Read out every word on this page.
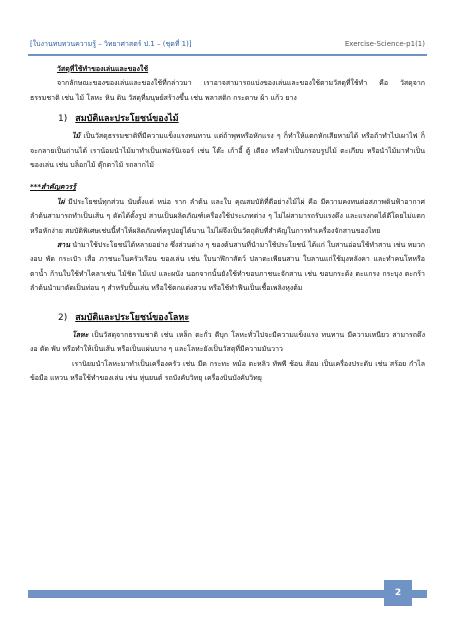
[ใบงานทบทวนความรู้ – วิทยาศาสตร์ ป.1 – (ชุดที่ 1)]	Exercise-Science-p1(1)

วัสดุที่ใช้ทำของเล่นและของใช้

จากลักษณะของของเล่นและของใช้ที่กล่าวมา เราอาจสามารถแบ่งของเล่นและของใช้ตามวัสดุที่ใช้ทำ คือ วัสดุจากธรรมชาติ เช่น ไม้ โลหะ หิน ดิน วัสดุที่มนุษย์สร้างขึ้น เช่น พลาสติก กระดาษ ผ้า แก้ว ยาง

1) สมบัติและประโยชน์ของไม้

ไม้ เป็นวัสดุธรรมชาติที่มีความแข็งแรงทนทาน แต่ถ้าพุพหรือหักแรง ๆ ก็ทำให้แตกหักเสียหายได้ หรือถ้าทำไปเผาไฟ ก็จะกลายเป็นถ่านได้ เราน้อมนำไม้มาทำเป็นเฟอร์นิเจอร์ เช่น โต๊ะ เก้าอี้ ตู้ เตียง หรือทำเป็นกรอบรูปไม้ ตะเกียบ หรือนำไม้มาทำเป็นของเล่น เช่น บล็อกไม้ ตุ๊กตาไม้ รถลากไม้

***สำคัญควรรู้

ไผ่ มีประโยชน์ทุกส่วน นับตั้งแต่ หน่อ ราก ลำต้น และใบ คุณสมบัติที่ดีอย่างไม้ไผ่ คือ มีความคงทนต่อสภาพดินฟ้าอากาศ ลำต้นสามารถทำเป็นเส้น ๆ ดัดได้ตั้งรูป สานเป็นผลิตภัณฑ์เครื่องใช้ประเภทต่าง ๆ ไม่ไผ่สามารถรับแรงดึง และแรงกดได้ดีโดยไม่แตกหรือหักง่าย สมบัติพิเศษเช่นนี้ทำให้ผลิตภัณฑ์ครูปอยู่ได้นาน ไม่ไผ่จึงเป็นวัตถุดิบที่สำคัญในการทำเครื่องจักสานของไทย

สาน นำมาใช้ประโยชน์ได้หลายอย่าง ซึ่งส่วนต่าง ๆ ของต้นสานที่นำมาใช้ประโยชน์ ได้แก่ ใบสานอ่อนใช้ทำสาน เช่น หมวก งอบ พัด กระเป๋า เสื่อ ภาชนะในครัวเรือน ของเล่น เช่น ใบนาฬิกาสัตว์ ปลาตะเพียนสาน ใบลานแก่ใช้มุงหลังคา และทำคนโทหรือตาน้ำ ก้านใบใช้ทำไคลาเช่น ไม้ชิด ไม้แป และผนัง นอกจากนั้นยังใช้ทำขอบภาชนะจักสาน เช่น ขอบกระด้ง ตะแกรง กระบุง ตะกร้า ลำต้นนำมาตัดเป็นท่อน ๆ สำหรับปั้นเล่น หรือใช้ตกแต่งสวน หรือใช้ทำฟืนเป็นเชื้อเพลิงหุงต้ม

2) สมบัติและประโยชน์ของโลหะ

โลหะ เป็นวัสดุจากธรรมชาติ เช่น เหล็ก ตะกั่ว ดีบุก โลหะทั่วไปจะมีความแข็งแรง ทนทาน มีความเหนียว สามารถดึง งอ ตัด พับ หรือทำให้เป็นเส้น หรือเป็นแผ่นบาง ๆ และโลหะยังเป็นวัสดุที่มีความมันวาว

เรานิยมนำโลหะมาทำเป็นเครื่องครัว เช่น มีด กระทะ หม้อ ตะหลิว ทัพพี ช้อน ส้อม เป็นเครื่องประดับ เช่น สร้อย กำไลข้อมือ แหวน หรือใช้ทำของเล่น เช่น หุ่นยนต์ รถบังคับวิทยุ เครื่องบินบังคับวิทยุ

2
